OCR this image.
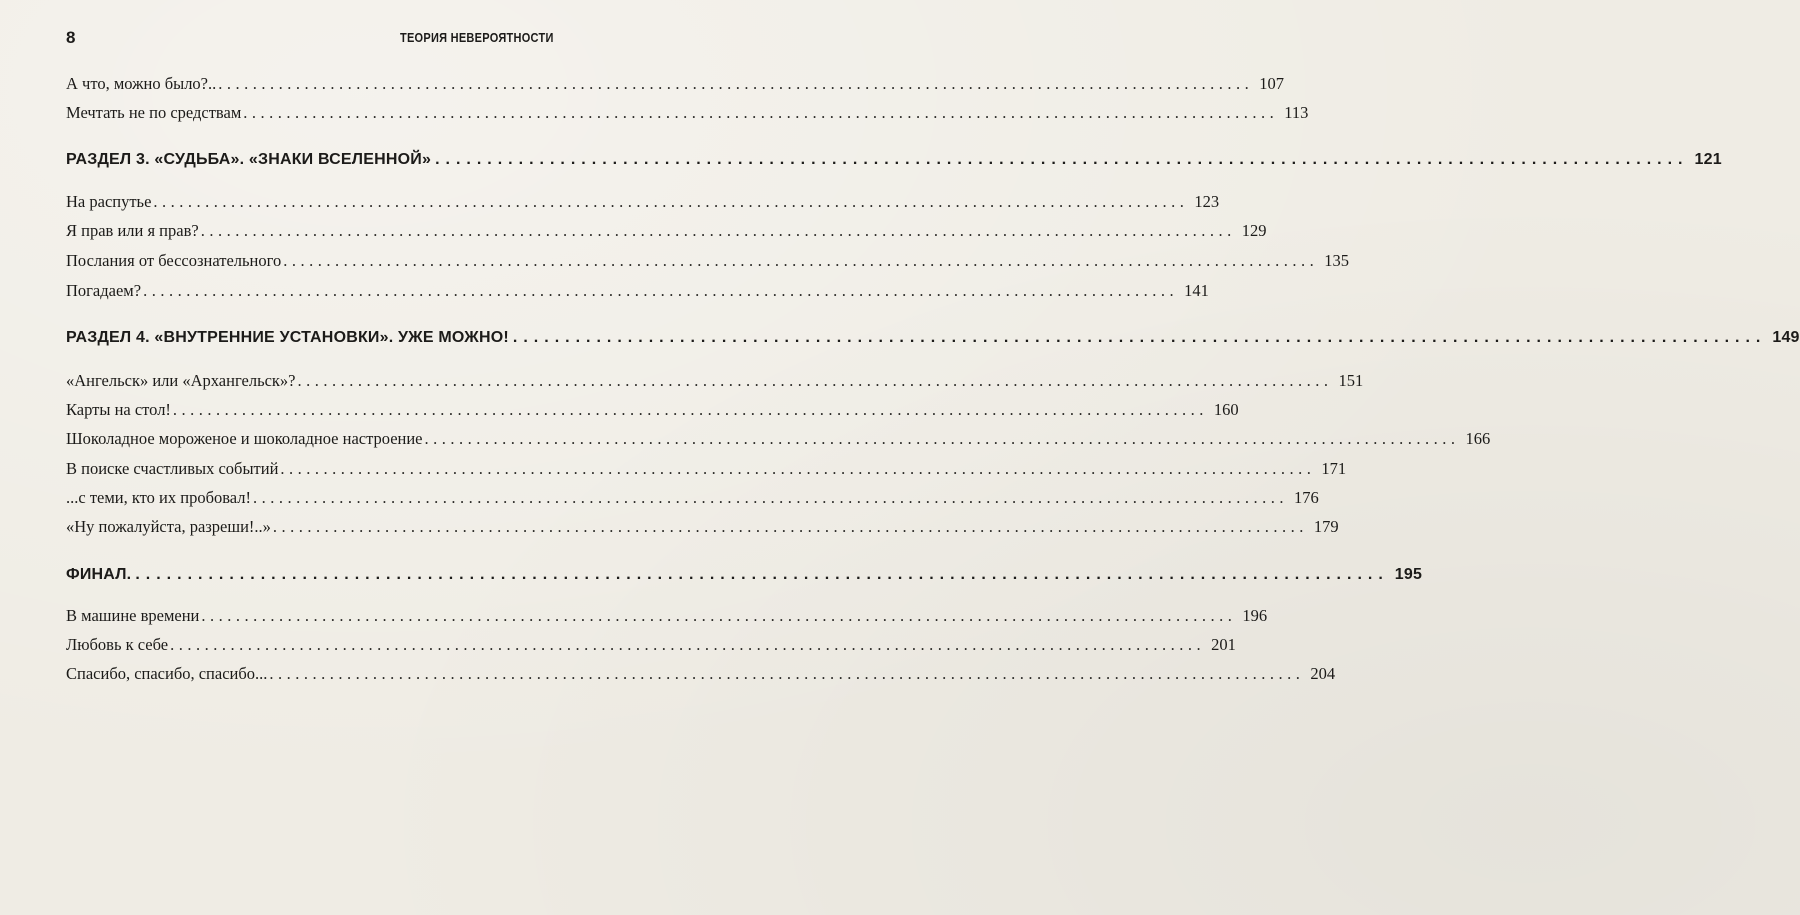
8	ТЕОРИЯ НЕВЕРОЯТНОСТИ
А что, можно было?.. ........................................................................................................................ 107
Мечтать не по средствам ........................................................................................................................ 113
РАЗДЕЛ 3. «СУДЬБА». «ЗНАКИ ВСЕЛЕННОЙ» ........................................................................................................................ 121
На распутье ........................................................................................................................ 123
Я прав или я прав? ........................................................................................................................ 129
Послания от бессознательного ........................................................................................................................ 135
Погадаем? ........................................................................................................................ 141
РАЗДЕЛ 4. «ВНУТРЕННИЕ УСТАНОВКИ». УЖЕ МОЖНО! ........................................................................................................................ 149
«Ангельск» или «Архангельск»? ........................................................................................................................ 151
Карты на стол! ........................................................................................................................ 160
Шоколадное мороженое и шоколадное настроение ........................................................................................................................ 166
В поиске счастливых событий ........................................................................................................................ 171
...с теми, кто их пробовал! ........................................................................................................................ 176
«Ну пожалуйста, разреши!..» ........................................................................................................................ 179
ФИНАЛ. ........................................................................................................................ 195
В машине времени ........................................................................................................................ 196
Любовь к себе ........................................................................................................................ 201
Спасибо, спасибо, спасибо... ........................................................................................................................ 204
